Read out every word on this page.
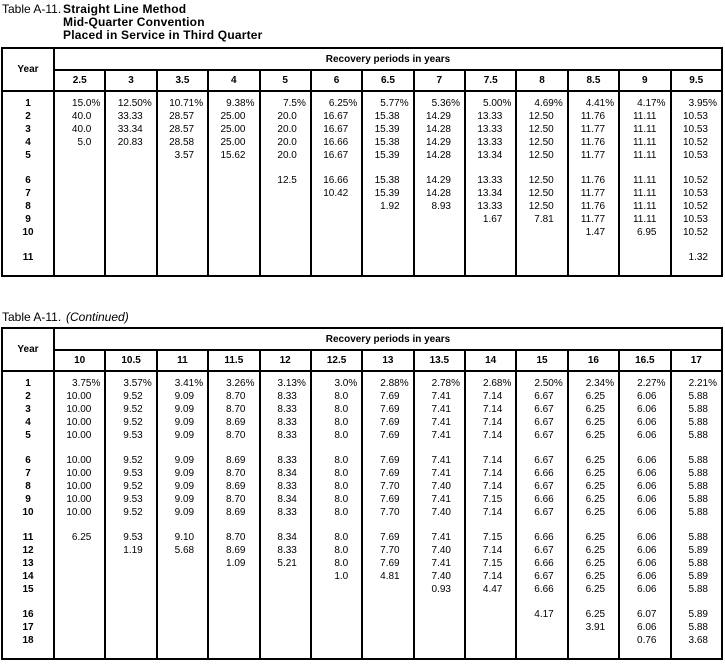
Table A-11. Straight Line Method
Mid-Quarter Convention
Placed in Service in Third Quarter
Year	Recovery periods in years												
	2.5	3	3.5	4	5	6	6.5	7	7.5	8	8.5	9	9.5
1	15.0%	12.50%	10.71%	9.38%	7.5%	6.25%	5.77%	5.36%	5.00%	4.69%	4.41%	4.17%	3.95%
2	40.0	33.33	28.57	25.00	20.0	16.67	15.38	14.29	13.33	12.50	11.76	11.11	10.53
3	40.0	33.34	28.57	25.00	20.0	16.67	15.39	14.28	13.33	12.50	11.77	11.11	10.53
4	5.0	20.83	28.58	25.00	20.0	16.66	15.38	14.29	13.33	12.50	11.76	11.11	10.52
5			3.57	15.62	20.0	16.67	15.39	14.28	13.34	12.50	11.77	11.11	10.53

6					12.5	16.66	15.38	14.29	13.33	12.50	11.76	11.11	10.52
7						10.42	15.39	14.28	13.34	12.50	11.77	11.11	10.53
8							1.92	8.93	13.33	12.50	11.76	11.11	10.52
9									1.67	7.81	11.77	11.11	10.53
10											1.47	6.95	10.52

11													1.32
Table A-11. (Continued)
Year	Recovery periods in years												
	10	10.5	11	11.5	12	12.5	13	13.5	14	15	16	16.5	17
1	3.75%	3.57%	3.41%	3.26%	3.13%	3.0%	2.88%	2.78%	2.68%	2.50%	2.34%	2.27%	2.21%
2	10.00	9.52	9.09	8.70	8.33	8.0	7.69	7.41	7.14	6.67	6.25	6.06	5.88
3	10.00	9.52	9.09	8.70	8.33	8.0	7.69	7.41	7.14	6.67	6.25	6.06	5.88
4	10.00	9.52	9.09	8.69	8.33	8.0	7.69	7.41	7.14	6.67	6.25	6.06	5.88
5	10.00	9.53	9.09	8.70	8.33	8.0	7.69	7.41	7.14	6.67	6.25	6.06	5.88

6	10.00	9.52	9.09	8.69	8.33	8.0	7.69	7.41	7.14	6.67	6.25	6.06	5.88
7	10.00	9.53	9.09	8.70	8.34	8.0	7.69	7.41	7.14	6.66	6.25	6.06	5.88
8	10.00	9.52	9.09	8.69	8.33	8.0	7.70	7.40	7.14	6.67	6.25	6.06	5.88
9	10.00	9.53	9.09	8.70	8.34	8.0	7.69	7.41	7.15	6.66	6.25	6.06	5.88
10	10.00	9.52	9.09	8.69	8.33	8.0	7.70	7.40	7.14	6.67	6.25	6.06	5.88

11	6.25	9.53	9.10	8.70	8.34	8.0	7.69	7.41	7.15	6.66	6.25	6.06	5.88
12		1.19	5.68	8.69	8.33	8.0	7.70	7.40	7.14	6.67	6.25	6.06	5.89
13				1.09	5.21	8.0	7.69	7.41	7.15	6.66	6.25	6.06	5.88
14						1.0	4.81	7.40	7.14	6.67	6.25	6.06	5.89
15								0.93	4.47	6.66	6.25	6.06	5.88

16										4.17	6.25	6.07	5.89
17											3.91	6.06	5.88
18												0.76	3.68
